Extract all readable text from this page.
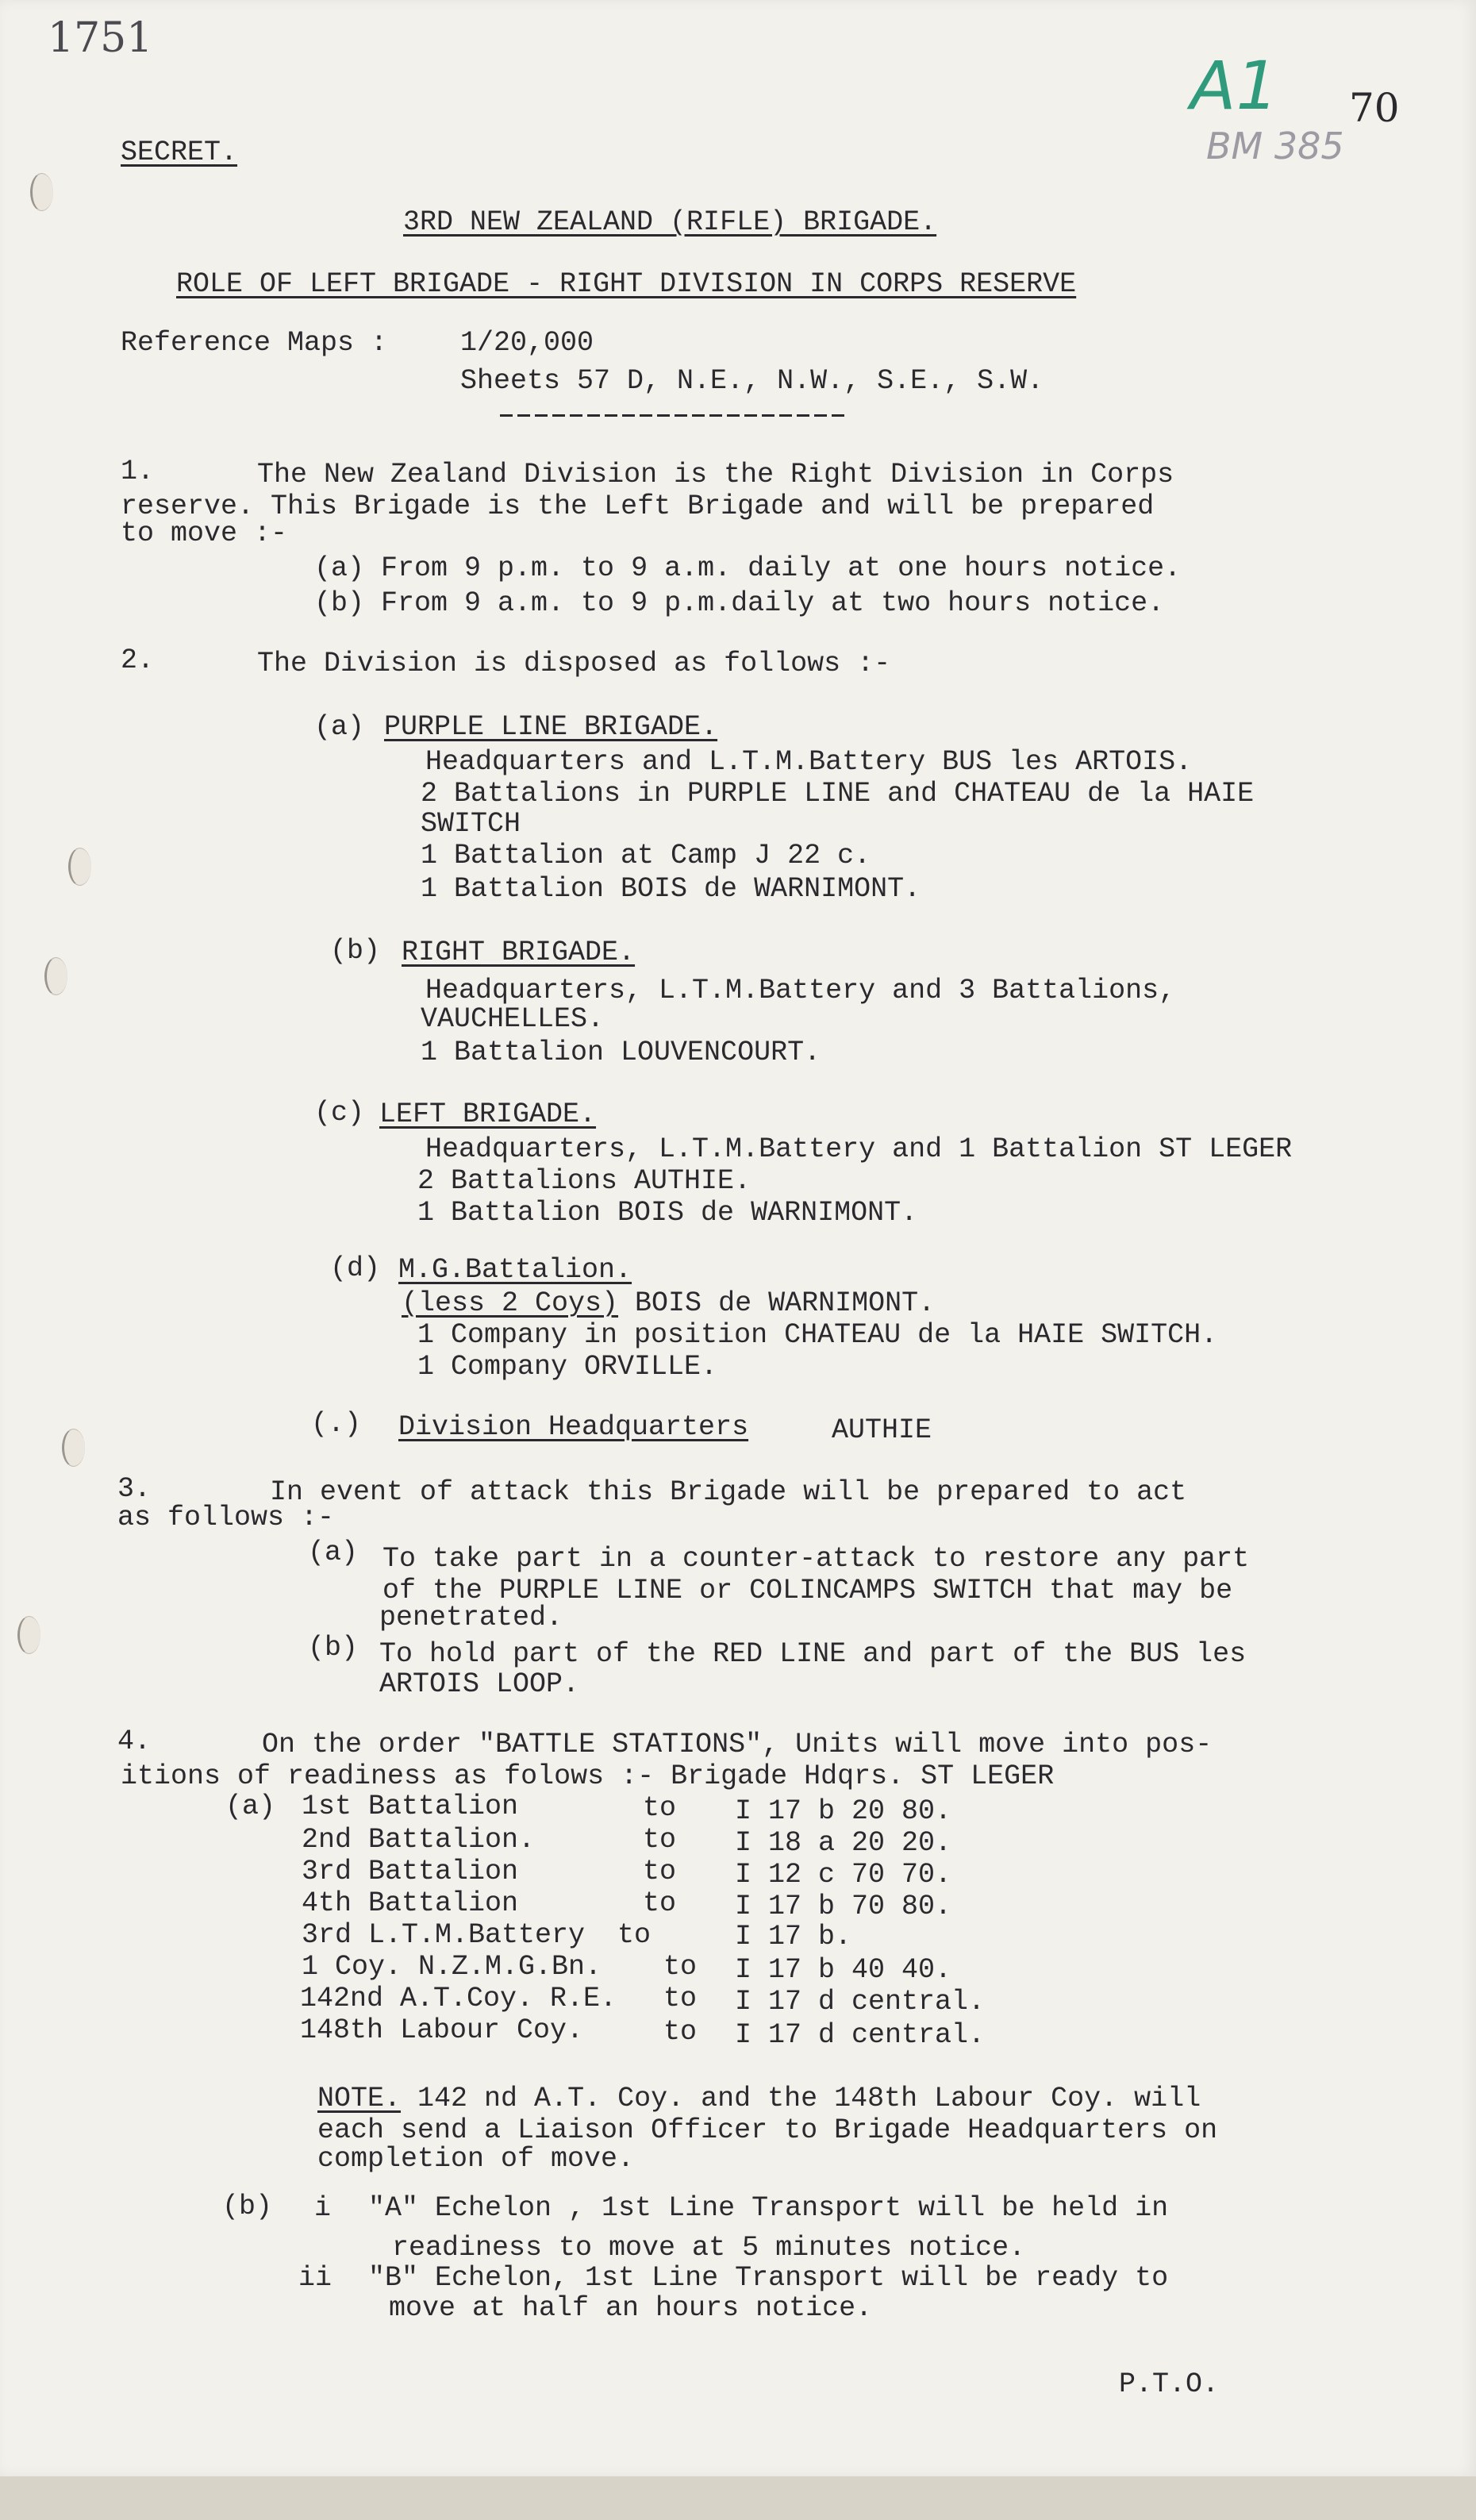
1751
A1 70
BM 385
SECRET.
3RD NEW ZEALAND (RIFLE) BRIGADE.
ROLE OF LEFT BRIGADE - RIGHT DIVISION IN CORPS RESERVE
Reference Maps :	1/20,000
Sheets 57 D, N.E., N.W., S.E., S.W.
1.	The New Zealand Division is the Right Division in Corps
reserve. This Brigade is the Left Brigade and will be prepared
to move :-
(a) From 9 p.m. to 9 a.m. daily at one hours notice.
(b) From 9 a.m. to 9 p.m.daily at two hours notice.
2.	The Division is disposed as follows :-
(a) PURPLE LINE BRIGADE.
Headquarters and L.T.M.Battery BUS les ARTOIS.
2 Battalions in PURPLE LINE and CHATEAU de la HAIE
SWITCH
1 Battalion at Camp J 22 c.
1 Battalion BOIS de WARNIMONT.
(b) RIGHT BRIGADE.
Headquarters, L.T.M.Battery and 3 Battalions,
VAUCHELLES.
1 Battalion LOUVENCOURT.
(c) LEFT BRIGADE.
Headquarters, L.T.M.Battery and 1 Battalion ST LEGER
2 Battalions AUTHIE.
1 Battalion BOIS de WARNIMONT.
(d) M.G.Battalion.
(less 2 Coys) BOIS de WARNIMONT.
1 Company in position CHATEAU de la HAIE SWITCH.
1 Company ORVILLE.
(.) Division Headquarters	AUTHIE
3.	In event of attack this Brigade will be prepared to act
as follows :-
(a) To take part in a counter-attack to restore any part
of the PURPLE LINE or COLINCAMPS SWITCH that may be
penetrated.
(b) To hold part of the RED LINE and part of the BUS les
ARTOIS LOOP.
4.	On the order "BATTLE STATIONS", Units will move into pos-
itions of readiness as folows :- Brigade Hdqrs. ST LEGER
(a) 1st Battalion	to I 17 b 20 80.
2nd Battalion.	to I 18 a 20 20.
3rd Battalion	to I 12 c 70 70.
4th Battalion	to I 17 b 70 80.
3rd L.T.M.Battery to	I 17 b.
1 Coy. N.Z.M.G.Bn. to I 17 b 40 40.
142nd A.T.Coy. R.E. to I 17 d central.
148th Labour Coy.	to I 17 d central.
NOTE. 142 nd A.T. Coy. and the 148th Labour Coy. will
each send a Liaison Officer to Brigade Headquarters on
completion of move.
(b) i "A" Echelon , 1st Line Transport will be held in
readiness to move at 5 minutes notice.
ii "B" Echelon, 1st Line Transport will be ready to
move at half an hours notice.
P.T.O.
